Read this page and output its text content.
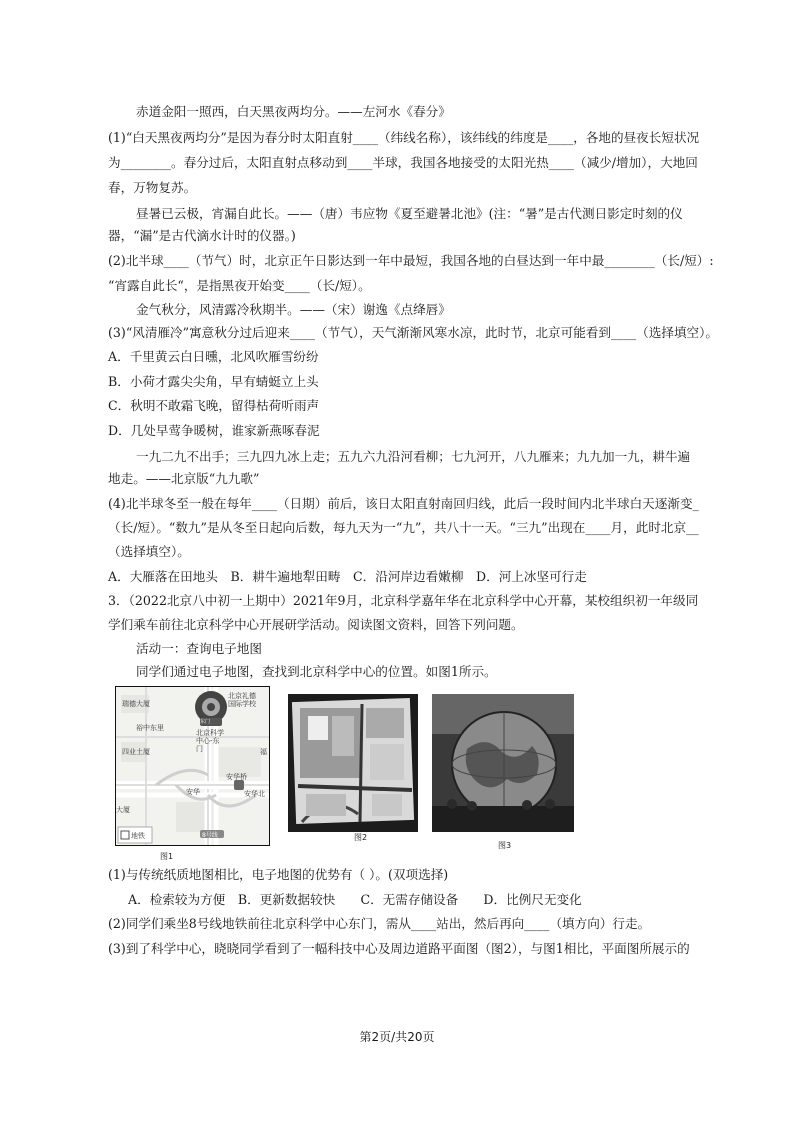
赤道金阳一照西，白天黑夜两均分。——左河水《春分》
(1)“白天黑夜两均分”是因为春分时太阳直射____（纬线名称），该纬线的纬度是____，各地的昼夜长短状况
为________。春分过后，太阳直射点移动到____半球，我国各地接受的太阳光热____（减少/增加），大地回
春，万物复苏。
昼暑已云极，宵漏自此长。——（唐）韦应物《夏至避暑北池》(注：“暑”是古代测日影定时刻的仪
器，“漏”是古代滴水计时的仪器。)
(2)北半球____（节气）时，北京正午日影达到一年中最短，我国各地的白昼达到一年中最________（长/短）:
“宵露自此长“，是指黑夜开始变____（长/短）。
金气秋分，风清露冷秋期半。——（宋）谢逸《点绛唇》
(3)“风清雁冷”寓意秋分过后迎来____（节气），天气渐渐风寒水凉，此时节，北京可能看到____（选择填空）。
A．千里黄云白日曛，北风吹雁雪纷纷
B．小荷才露尖尖角，早有蜻蜓立上头
C．秋明不敢霜飞晚，留得枯荷听雨声
D．几处早莺争暖树，谁家新燕啄春泥
一九二九不出手；三九四九冰上走；五九六九沿河看柳；七九河开，八九雁来；九九加一九，耕牛遍
地走。——北京版“九九歌”
(4)北半球冬至一般在每年____（日期）前后，该日太阳直射南回归线，此后一段时间内北半球白天逐渐变_
（长/短）。“数九”是从冬至日起向后数，每九天为一“九”，共八十一天。“三九”出现在____月，此时北京__
（选择填空）。
A．大雁落在田地头　B．耕牛遍地犁田畴　C．沿河岸边看嫩柳　D．河上冰坚可行走
3．（2022北京八中初一上期中）2021年9月，北京科学嘉年华在北京科学中心开幕，某校组织初一年级同
学们乘车前往北京科学中心开展研学活动。阅读图文资料，回答下列问题。
活动一：查询电子地图
同学们通过电子地图，查找到北京科学中心的位置。如图1所示。
北京礼德国际学校
北京科学中心-东门
东门
瑞德大厦
裕中东里
四业土厦
安华
安华桥
安华北
福
大厦
8号线
地铁
图1
图2
图3
(1)与传统纸质地图相比，电子地图的优势有（ ）。(双项选择)
A．检索较为方便　B．更新数据较快　　C．无需存储设备　　D．比例尺无变化
(2)同学们乘坐8号线地铁前往北京科学中心东门，需从____站出，然后再向____（填方向）行走。
(3)到了科学中心，晓晓同学看到了一幅科技中心及周边道路平面图（图2），与图1相比，平面图所展示的
第2页/共20页
